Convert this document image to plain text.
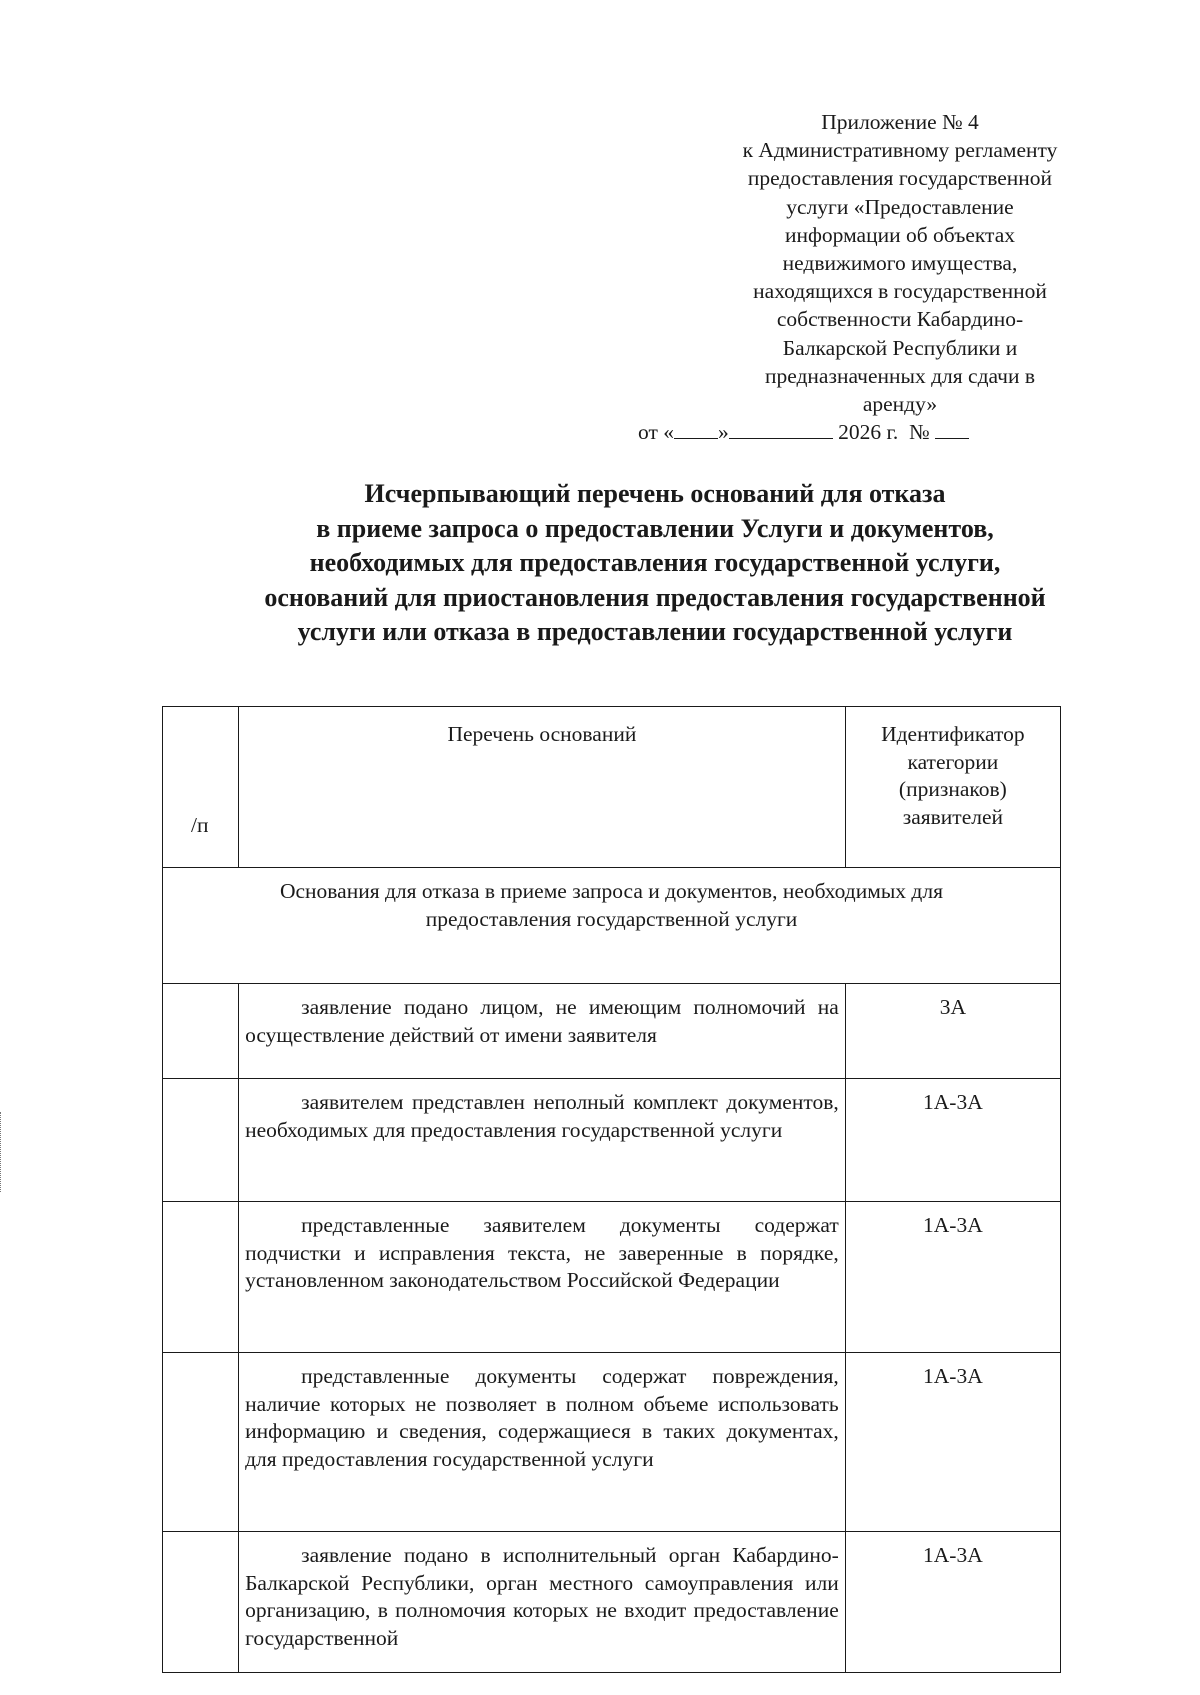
Приложение № 4
к Административному регламенту
предоставления государственной
услуги «Предоставление
информации об объектах
недвижимого имущества,
находящихся в государственной
собственности Кабардино-
Балкарской Республики и
предназначенных для сдачи в
аренду»
от « »	2026 г. №
Исчерпывающий перечень оснований для отказа
в приеме запроса о предоставлении Услуги и документов,
необходимых для предоставления государственной услуги,
оснований для приостановления предоставления государственной
услуги или отказа в предоставлении государственной услуги
/п	Перечень оснований	Идентификатор
категории
(признаков)
заявителей

Основания для отказа в приеме запроса и документов, необходимых для
предоставления государственной услуги		

	заявление подано лицом, не имеющим полномочий на осуществление действий от имени заявителя	3А
	заявителем представлен неполный комплект документов, необходимых для предоставления государственной услуги	1А-3А
	представленные заявителем документы содержат подчистки и исправления текста, не заверенные в порядке, установленном законодательством Российской Федерации	1А-3А
	представленные документы содержат повреждения, наличие которых не позволяет в полном объеме использовать информацию и сведения, содержащиеся в таких документах, для предоставления государственной услуги	1А-3А
	заявление подано в исполнительный орган Кабардино-Балкарской Республики, орган местного самоуправления или организацию, в полномочия которых не входит предоставление государственной	1А-3А
